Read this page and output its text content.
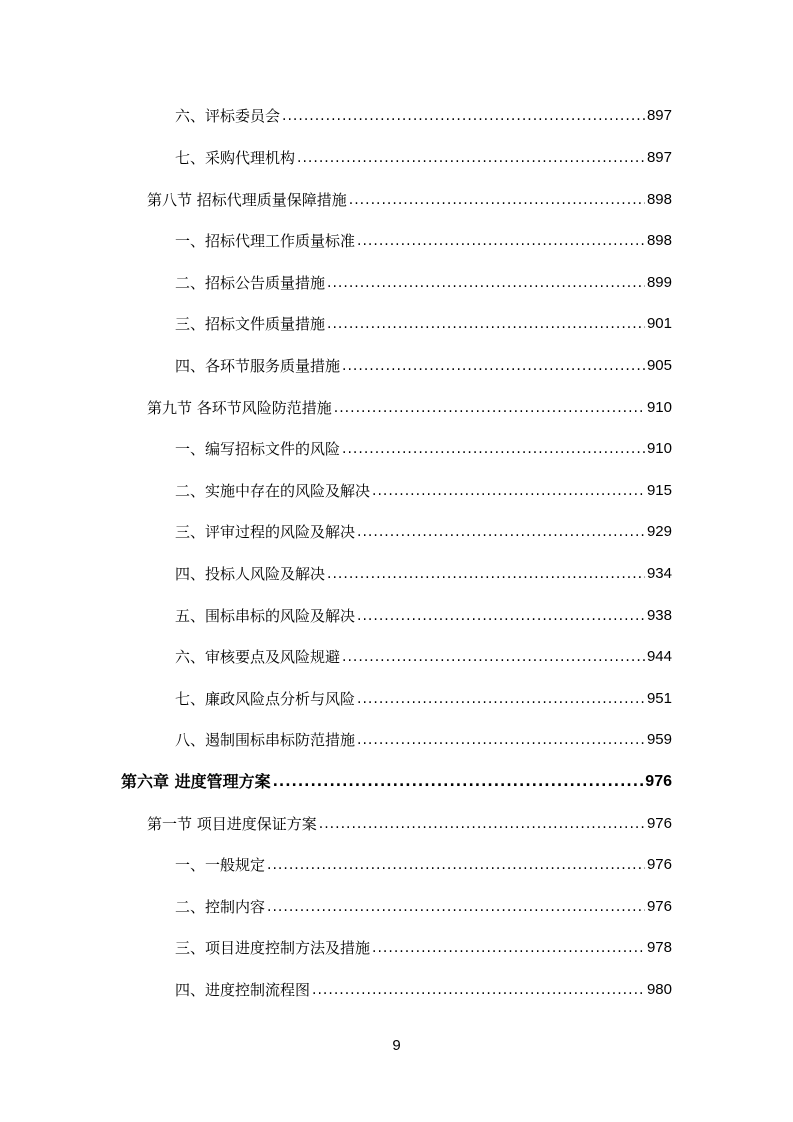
六、评标委员会 .....	897
七、采购代理机构 .....	897
第八节 招标代理质量保障措施 .....	898
一、招标代理工作质量标准 .....	898
二、招标公告质量措施 .....	899
三、招标文件质量措施 .....	901
四、各环节服务质量措施 .....	905
第九节 各环节风险防范措施 .....	910
一、编写招标文件的风险 .....	910
二、实施中存在的风险及解决 .....	915
三、评审过程的风险及解决 .....	929
四、投标人风险及解决 .....	934
五、围标串标的风险及解决 .....	938
六、审核要点及风险规避 .....	944
七、廉政风险点分析与风险 .....	951
八、遏制围标串标防范措施 .....	959
第六章 进度管理方案 .....	976
第一节 项目进度保证方案 .....	976
一、一般规定 .....	976
二、控制内容 .....	976
三、项目进度控制方法及措施 .....	978
四、进度控制流程图 .....	980
9
